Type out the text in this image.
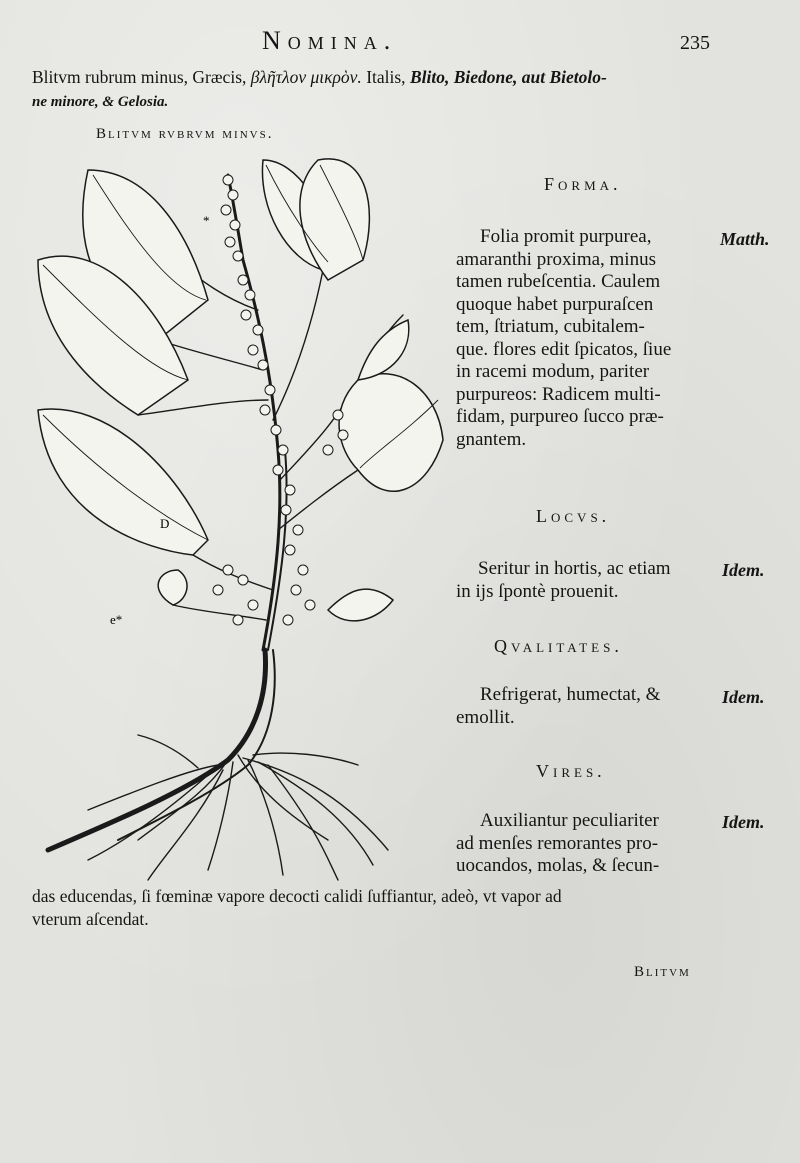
Nomina.	235
Blitvm rubrum minus, Græcis, βλῆτλον μικρὸν. Italis, Blito, Biedone, aut Bietolo-
ne minore, & Gelosia.
Blitvm rvbrvm minvs.
*
D
e*
Forma.
Folia promit purpurea,
amaranthi proxima, minus
tamen rubeſcentia. Caulem
quoque habet purpuraſcen
tem, ſtriatum, cubitalem-
que. flores edit ſpicatos, ſiue
in racemi modum, pariter
purpureos: Radicem multi-
fidam, purpureo ſucco præ-
gnantem.
Matth.
Locvs.
Seritur in hortis, ac etiam
in ijs ſpontè prouenit.
Idem.
Qvalitates.
Refrigerat, humectat, &
emollit.
Idem.
Vires.
Auxiliantur peculiariter
ad menſes remorantes pro-
uocandos, molas, & ſecun-
Idem.
das educendas, ſi fœminæ vapore decocti calidi ſuffiantur, adeò, vt vapor ad
vterum aſcendat.
Blitvm
